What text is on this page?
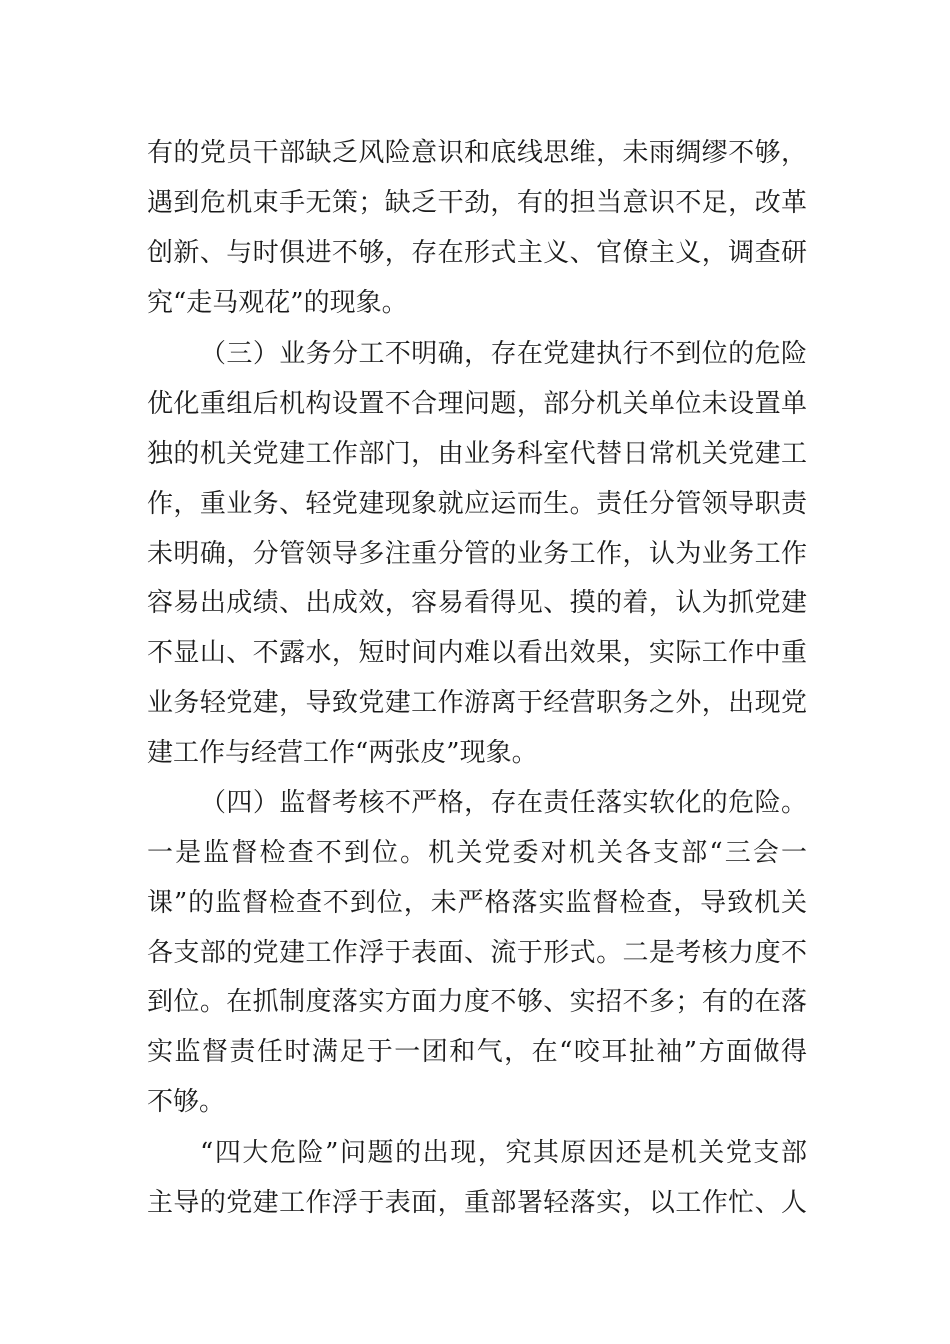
有的党员干部缺乏风险意识和底线思维，未雨绸缪不够，
遇到危机束手无策；缺乏干劲，有的担当意识不足，改革
创新、与时俱进不够，存在形式主义、官僚主义，调查研
究“走马观花”的现象。
（三）业务分工不明确，存在党建执行不到位的危险
优化重组后机构设置不合理问题，部分机关单位未设置单
独的机关党建工作部门，由业务科室代替日常机关党建工
作，重业务、轻党建现象就应运而生。责任分管领导职责
未明确，分管领导多注重分管的业务工作，认为业务工作
容易出成绩、出成效，容易看得见、摸的着，认为抓党建
不显山、不露水，短时间内难以看出效果，实际工作中重
业务轻党建，导致党建工作游离于经营职务之外，出现党
建工作与经营工作“两张皮”现象。
（四）监督考核不严格，存在责任落实软化的危险。
一是监督检查不到位。机关党委对机关各支部“三会一
课”的监督检查不到位，未严格落实监督检查，导致机关
各支部的党建工作浮于表面、流于形式。二是考核力度不
到位。在抓制度落实方面力度不够、实招不多；有的在落
实监督责任时满足于一团和气，在“咬耳扯袖”方面做得
不够。
“四大危险”问题的出现，究其原因还是机关党支部
主导的党建工作浮于表面，重部署轻落实，以工作忙、人
